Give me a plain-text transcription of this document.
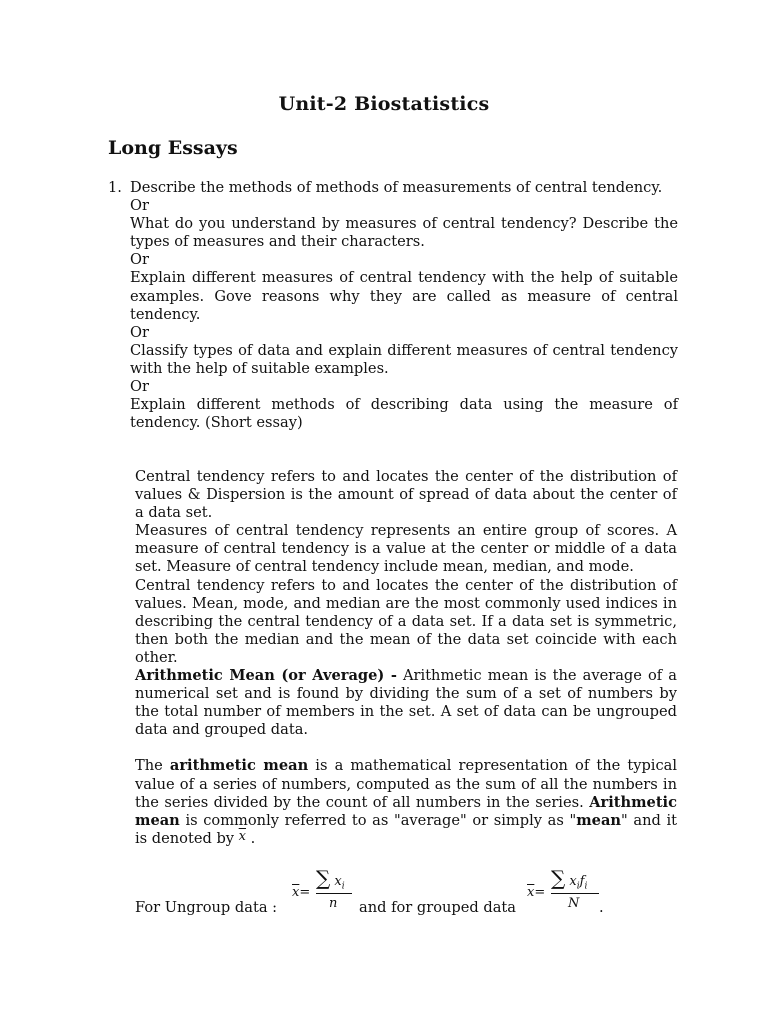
Unit-2 Biostatistics
Long Essays
1. Describe the methods of methods of measurements of central tendency.

Or

What do you understand by measures of central tendency? Describe the types of measures and their characters.

Or

Explain different measures of central tendency with the help of suitable examples. Gove reasons why they are called as measure of central tendency.

Or

Classify types of data and explain different measures of central tendency with the help of suitable examples.

Or

Explain different methods of describing data using the measure of tendency. (Short essay)

Central tendency refers to and locates the center of the distribution of values & Dispersion is the amount of spread of data about the center of a data set.

Measures of central tendency represents an entire group of scores. A measure of central tendency is a value at the center or middle of a data set. Measure of central tendency include mean, median, and mode.

Central tendency refers to and locates the center of the distribution of values. Mean, mode, and median are the most commonly used indices in describing the central tendency of a data set. If a data set is symmetric, then both the median and the mean of the data set coincide with each other.

Arithmetic Mean (or Average) - Arithmetic mean is the average of a numerical set and is found by dividing the sum of a set of numbers by the total number of members in the set. A set of data can be ungrouped data and grouped data.

The arithmetic mean is a mathematical representation of the typical value of a series of numbers, computed as the sum of all the numbers in the series divided by the count of all numbers in the series. Arithmetic mean is commonly referred to as "average" or simply as "mean" and it is denoted by $\overline{x}$ .

For Ungroup data :
$\overline{x}=$
∑ $x_i$
n and for grouped data
$\overline{x}=$
∑ $x_if_i$
N .
